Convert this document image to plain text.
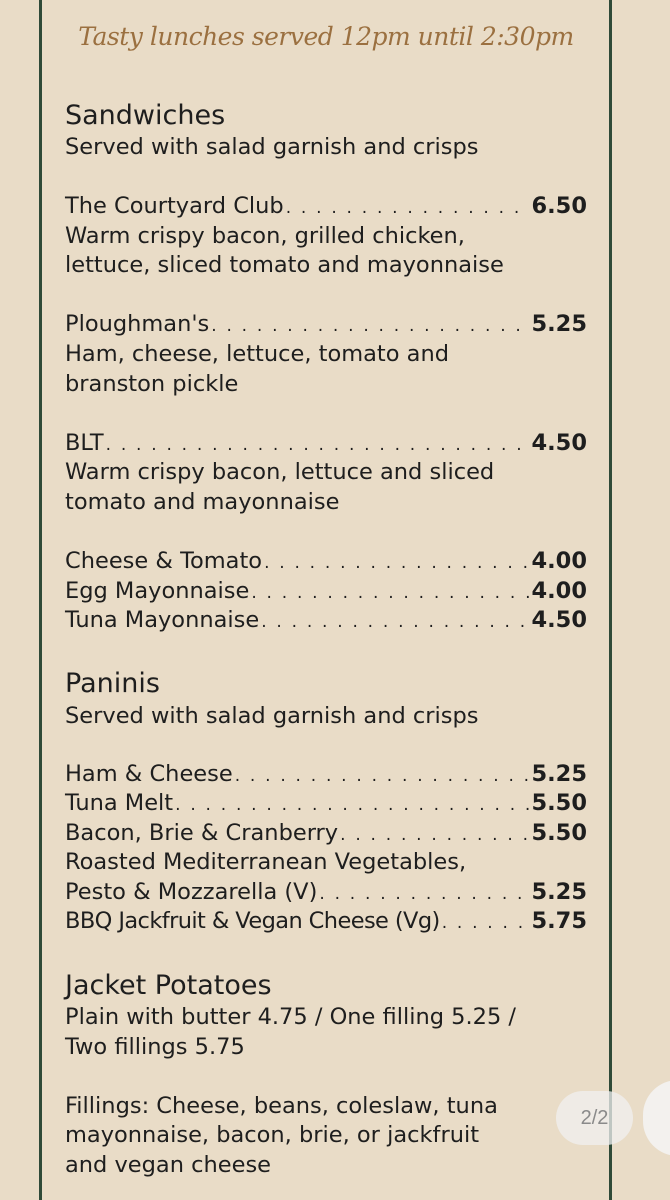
Tasty lunches served 12pm until 2:30pm
Sandwiches
Served with salad garnish and crisps
The Courtyard Club . . .	6.50
Warm crispy bacon, grilled chicken,
lettuce, sliced tomato and mayonnaise
Ploughman's . . .	5.25
Ham, cheese, lettuce, tomato and
branston pickle
BLT . . .	4.50
Warm crispy bacon, lettuce and sliced
tomato and mayonnaise
Cheese & Tomato . . .	4.00
Egg Mayonnaise . . .	4.00
Tuna Mayonnaise . . .	4.50
Paninis
Served with salad garnish and crisps
Ham & Cheese . . .	5.25
Tuna Melt . . .	5.50
Bacon, Brie & Cranberry . . .	5.50
Roasted Mediterranean Vegetables,
Pesto & Mozzarella (V) . . .	5.25
BBQ Jackfruit & Vegan Cheese (Vg) . . .	5.75
Jacket Potatoes
Plain with butter 4.75 / One filling 5.25 /
Two fillings 5.75
Fillings: Cheese, beans, coleslaw, tuna
mayonnaise, bacon, brie, or jackfruit
and vegan cheese
2/2
